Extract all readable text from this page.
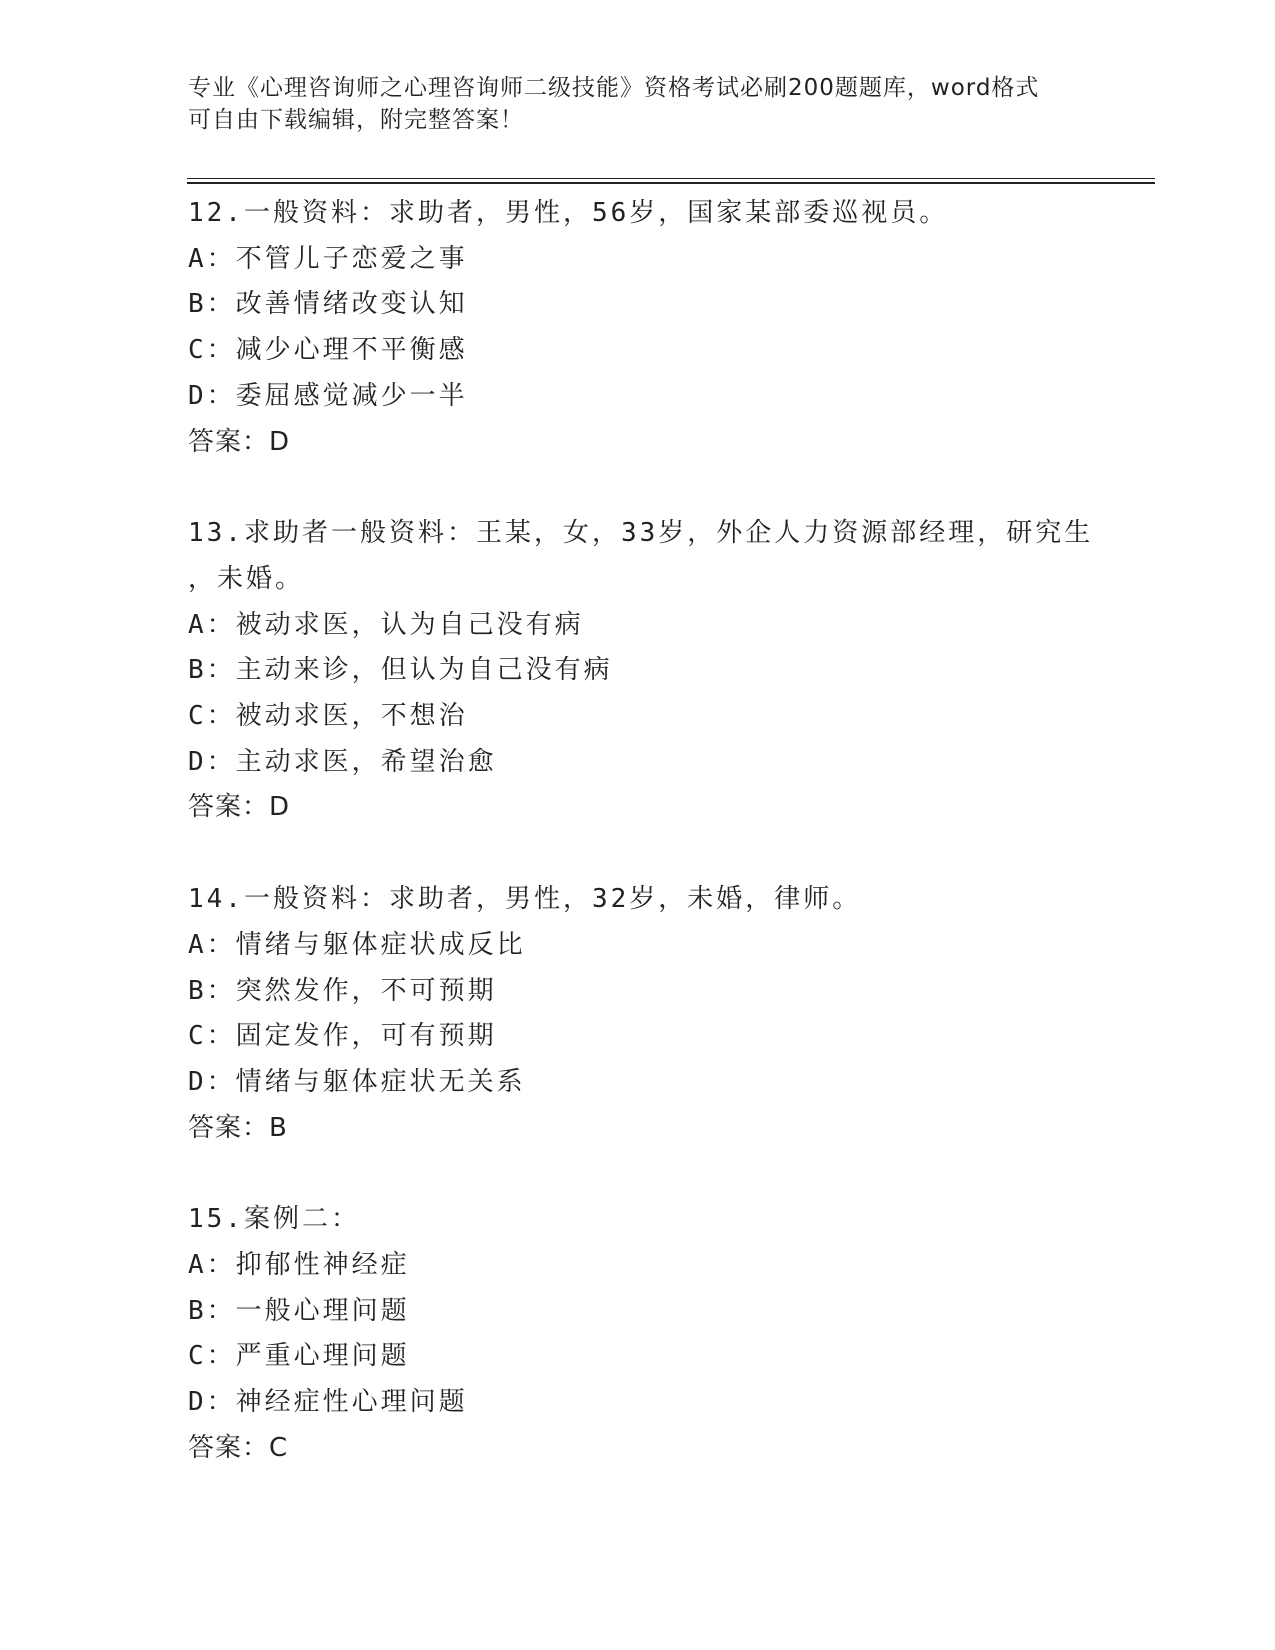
专业《心理咨询师之心理咨询师二级技能》资格考试必刷200题题库，word格式
可自由下载编辑，附完整答案！
12.一般资料：求助者，男性，56岁，国家某部委巡视员。
A：不管儿子恋爱之事
B：改善情绪改变认知
C：减少心理不平衡感
D：委屈感觉减少一半
答案：D
13.求助者一般资料：王某，女，33岁，外企人力资源部经理，研究生
，未婚。
A：被动求医，认为自己没有病
B：主动来诊，但认为自己没有病
C：被动求医，不想治
D：主动求医，希望治愈
答案：D
14.一般资料：求助者，男性，32岁，未婚，律师。
A：情绪与躯体症状成反比
B：突然发作，不可预期
C：固定发作，可有预期
D：情绪与躯体症状无关系
答案：B
15.案例二：
A：抑郁性神经症
B：一般心理问题
C：严重心理问题
D：神经症性心理问题
答案：C
